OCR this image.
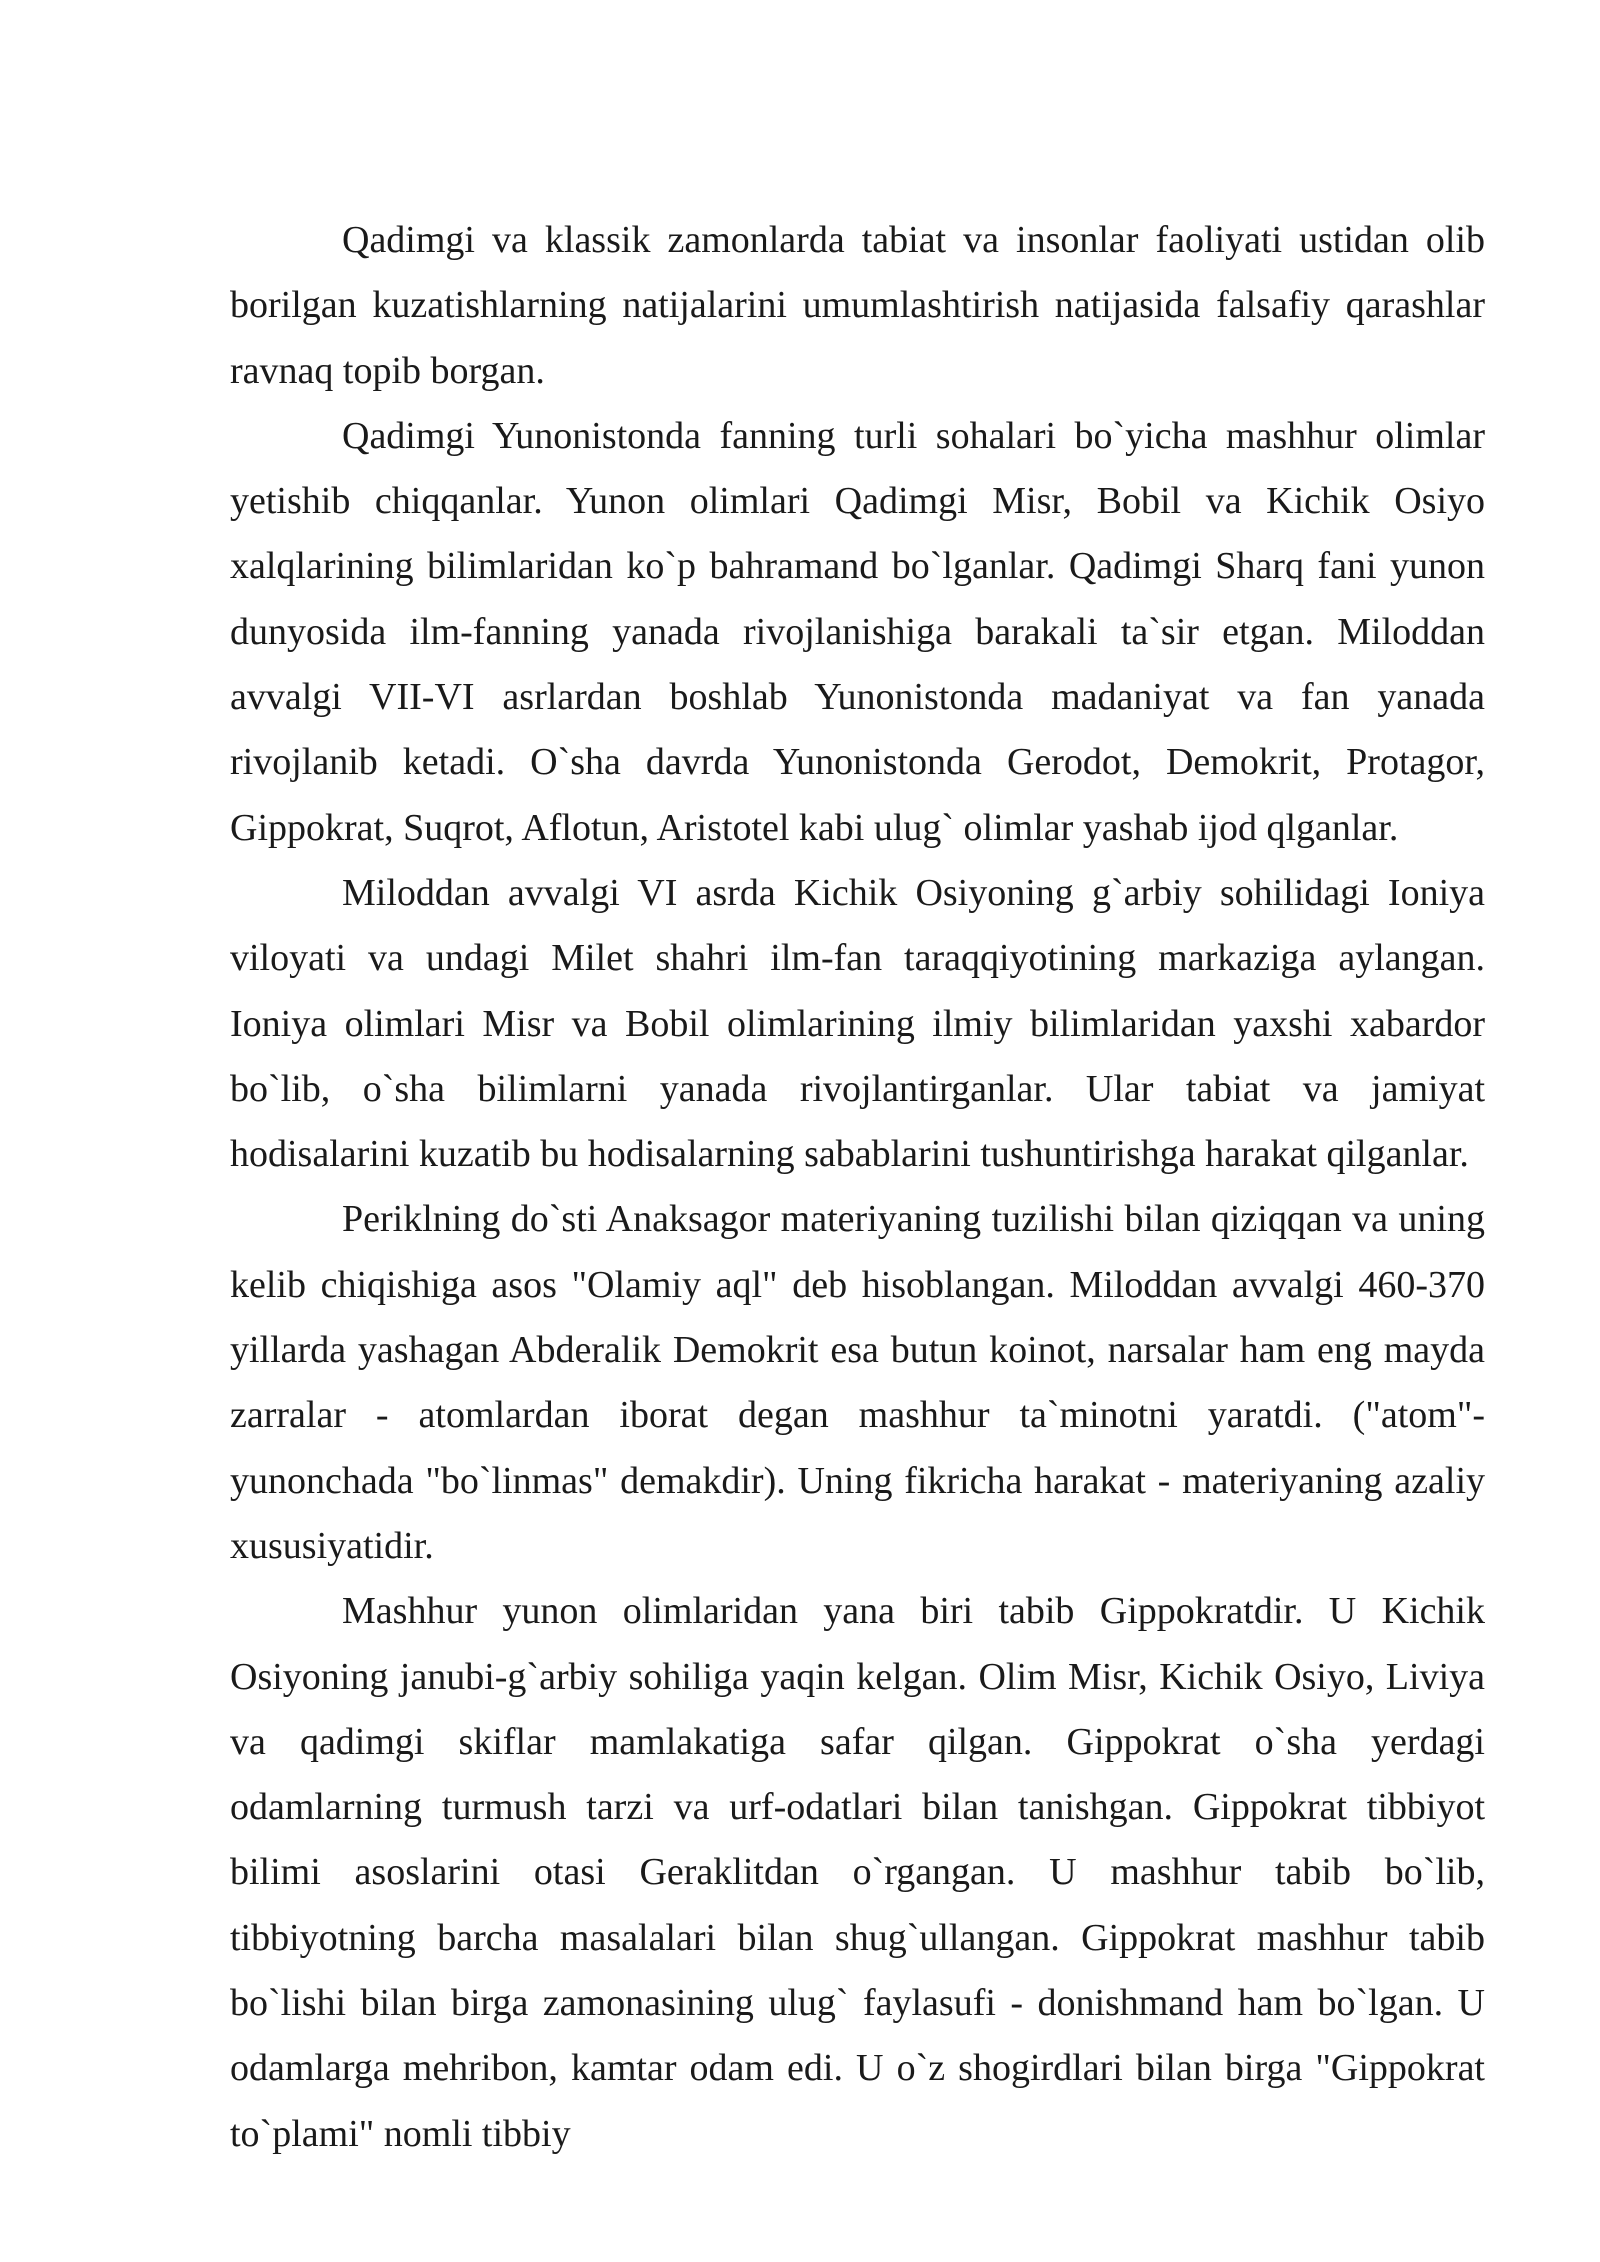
Qadimgi va klassik zamonlarda tabiat va insonlar faoliyati ustidan olib borilgan kuzatishlarning natijalarini umumlashtirish natijasida falsafiy qarashlar ravnaq topib borgan.

Qadimgi Yunonistonda fanning turli sohalari bo`yicha mashhur olimlar yetishib chiqqanlar. Yunon olimlari Qadimgi Misr, Bobil va Kichik Osiyo xalqlarining bilimlaridan ko`p bahramand bo`lganlar. Qadimgi Sharq fani yunon dunyosida ilm-fanning yanada rivojlanishiga barakali ta`sir etgan. Miloddan avvalgi VII-VI asrlardan boshlab Yunonistonda madaniyat va fan yanada rivojlanib ketadi. O`sha davrda Yunonistonda Gerodot, Demokrit, Protagor, Gippokrat, Suqrot, Aflotun, Aristotel kabi ulug` olimlar yashab ijod qlganlar.

Miloddan avvalgi VI asrda Kichik Osiyoning g`arbiy sohilidagi Ioniya viloyati va undagi Milet shahri ilm-fan taraqqiyotining markaziga aylangan. Ioniya olimlari Misr va Bobil olimlarining ilmiy bilimlaridan yaxshi xabardor bo`lib, o`sha bilimlarni yanada rivojlantirganlar. Ular tabiat va jamiyat hodisalarini kuzatib bu hodisalarning sabablarini tushuntirishga harakat qilganlar.

Periklning do`sti Anaksagor materiyaning tuzilishi bilan qiziqqan va uning kelib chiqishiga asos "Olamiy aql" deb hisoblangan. Miloddan avvalgi 460-370 yillarda yashagan Abderalik Demokrit esa butun koinot, narsalar ham eng mayda zarralar - atomlardan iborat degan mashhur ta`minotni yaratdi. ("atom"- yunonchada "bo`linmas" demakdir). Uning fikricha harakat - materiyaning azaliy xususiyatidir.

Mashhur yunon olimlaridan yana biri tabib Gippokratdir. U Kichik Osiyoning janubi-g`arbiy sohiliga yaqin kelgan. Olim Misr, Kichik Osiyo, Liviya va qadimgi skiflar mamlakatiga safar qilgan. Gippokrat o`sha yerdagi odamlarning turmush tarzi va urf-odatlari bilan tanishgan. Gippokrat tibbiyot bilimi asoslarini otasi Geraklitdan o`rgangan. U mashhur tabib bo`lib, tibbiyotning barcha masalalari bilan shug`ullangan. Gippokrat mashhur tabib bo`lishi bilan birga zamonasining ulug` faylasufi - donishmand ham bo`lgan. U odamlarga mehribon, kamtar odam edi. U o`z shogirdlari bilan birga "Gippokrat to`plami" nomli tibbiy
